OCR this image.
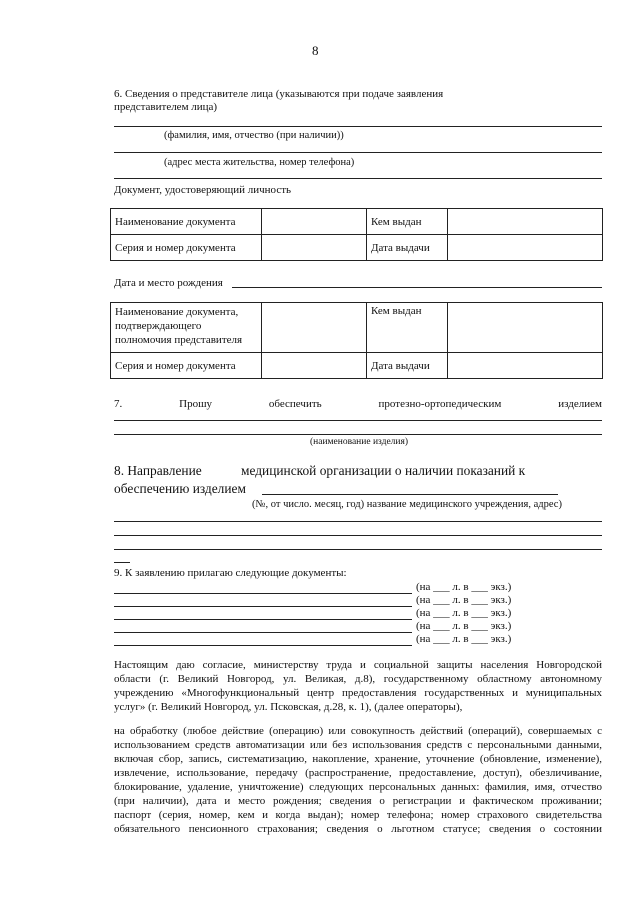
8
6. Сведения о представителе лица (указываются при подаче заявления
представителем лица)
(фамилия, имя, отчество (при наличии))
(адрес места жительства, номер телефона)
Документ, удостоверяющий личность
Наименование документа		Кем выдан	
Серия и номер документа		Дата выдачи	
Дата и место рождения
Наименование документа,
подтверждающего
полномочия представителя		Кем выдан	
Серия и номер документа		Дата выдачи	
7.	Прошу	обеспечить	протезно-ортопедическим	изделием
(наименование изделия)
8. Направление	медицинской организации о наличии показаний к
обеспечению изделием
(№, от число. месяц, год) название медицинского учреждения, адрес)
9. К заявлению прилагаю следующие документы:
(на ___ л. в ___ экз.)
(на ___ л. в ___ экз.)
(на ___ л. в ___ экз.)
(на ___ л. в ___ экз.)
(на ___ л. в ___ экз.)
Настоящим даю согласие, министерству труда и социальной защиты населения Новгородской
области (г. Великий Новгород, ул. Великая, д.8), государственному областному автономному
учреждению «Многофункциональный центр предоставления государственных и муниципальных
услуг» (г. Великий Новгород, ул. Псковская, д.28, к. 1), (далее операторы),
на обработку (любое действие (операцию) или совокупность действий (операций), совершаемых с
использованием средств автоматизации или без использования средств с персональными данными,
включая сбор, запись, систематизацию, накопление, хранение, уточнение (обновление, изменение),
извлечение, использование, передачу (распространение, предоставление, доступ), обезличивание,
блокирование, удаление, уничтожение) следующих персональных данных: фамилия, имя, отчество
(при наличии), дата и место рождения; сведения о регистрации и фактическом проживании;
паспорт (серия, номер, кем и когда выдан); номер телефона; номер страхового свидетельства
обязательного пенсионного страхования; сведения о льготном статусе; сведения о состоянии
